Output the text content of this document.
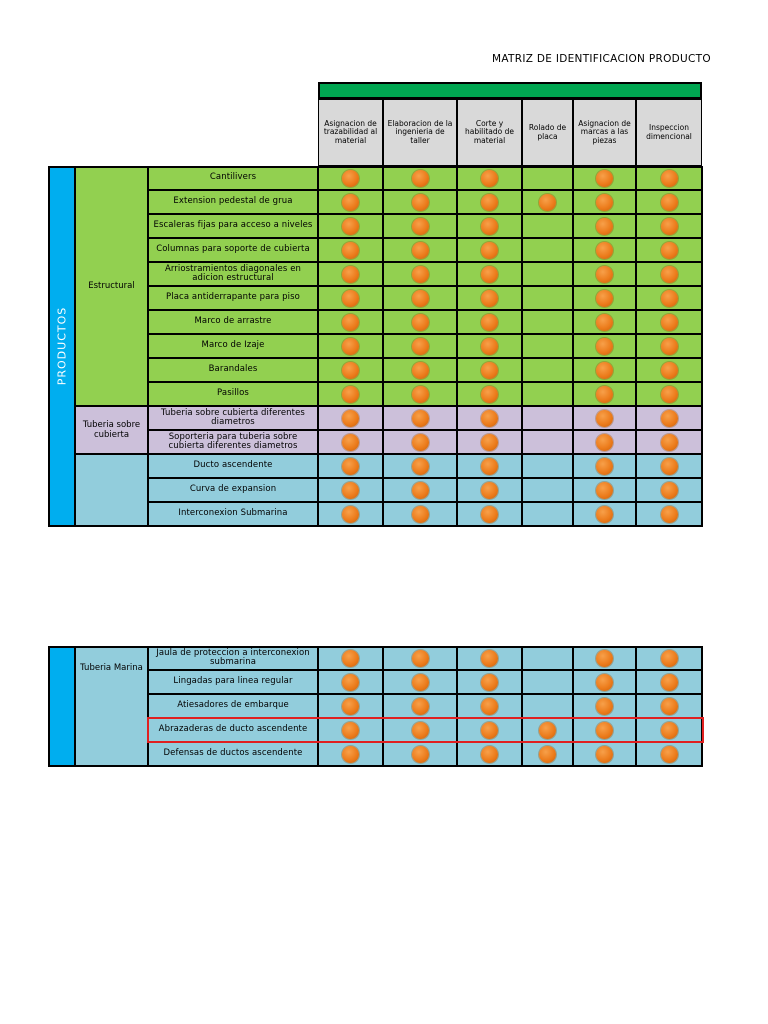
MATRIZ DE IDENTIFICACION PRODUCTO
Asignacion de trazabilidad al material
Elaboracion de la ingenieria de taller
Corte y habilitado de material
Rolado de placa
Asignacion de marcas a las piezas
Inspeccion dimencional
Cantilivers
Extension pedestal de grua
Escaleras fijas para acceso a niveles
Columnas para soporte de cubierta
Arriostramientos diagonales en adicion estructural
Placa antiderrapante para piso
Marco de arrastre
Marco de Izaje
Barandales
Pasillos
Tuberia sobre cubierta diferentes diametros
Soporteria para tuberia sobre cubierta diferentes diametros
Ducto ascendente
Curva de expansion
Interconexion Submarina
Estructural
Tuberia sobre cubierta
PRODUCTOS
Jaula de proteccion a interconexion submarina
Lingadas para linea regular
Atiesadores de embarque
Abrazaderas de ducto ascendente
Defensas de ductos ascendente
Tuberia Marina
